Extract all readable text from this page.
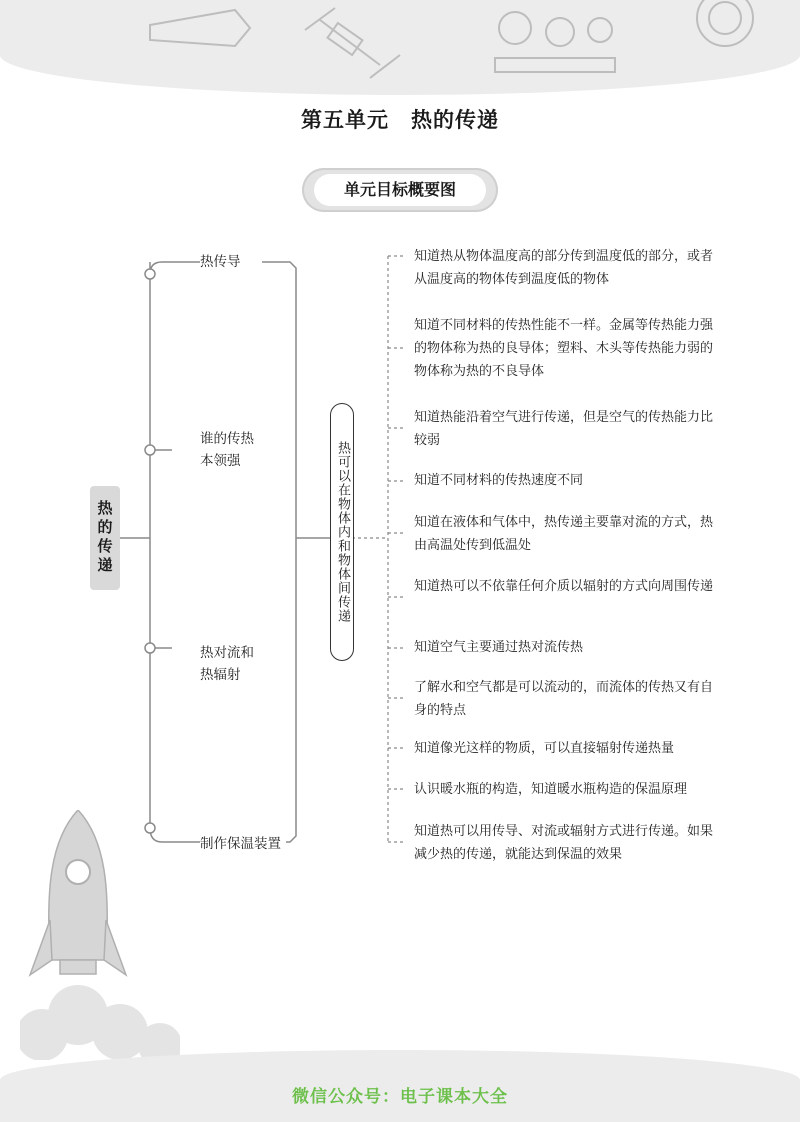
第五单元　热的传递
单元目标概要图
热的传递
热传导
谁的传热
本领强
热对流和
热辐射
制作保温装置
热可以在物体内和物体间传递
知道热从物体温度高的部分传到温度低的部分，或者从温度高的物体传到温度低的物体
知道不同材料的传热性能不一样。金属等传热能力强的物体称为热的良导体；塑料、木头等传热能力弱的物体称为热的不良导体
知道热能沿着空气进行传递，但是空气的传热能力比较弱
知道不同材料的传热速度不同
知道在液体和气体中，热传递主要靠对流的方式，热由高温处传到低温处
知道热可以不依靠任何介质以辐射的方式向周围传递
知道空气主要通过热对流传热
了解水和空气都是可以流动的，而流体的传热又有自身的特点
知道像光这样的物质，可以直接辐射传递热量
认识暖水瓶的构造，知道暖水瓶构造的保温原理
知道热可以用传导、对流或辐射方式进行传递。如果减少热的传递，就能达到保温的效果
微信公众号：电子课本大全
